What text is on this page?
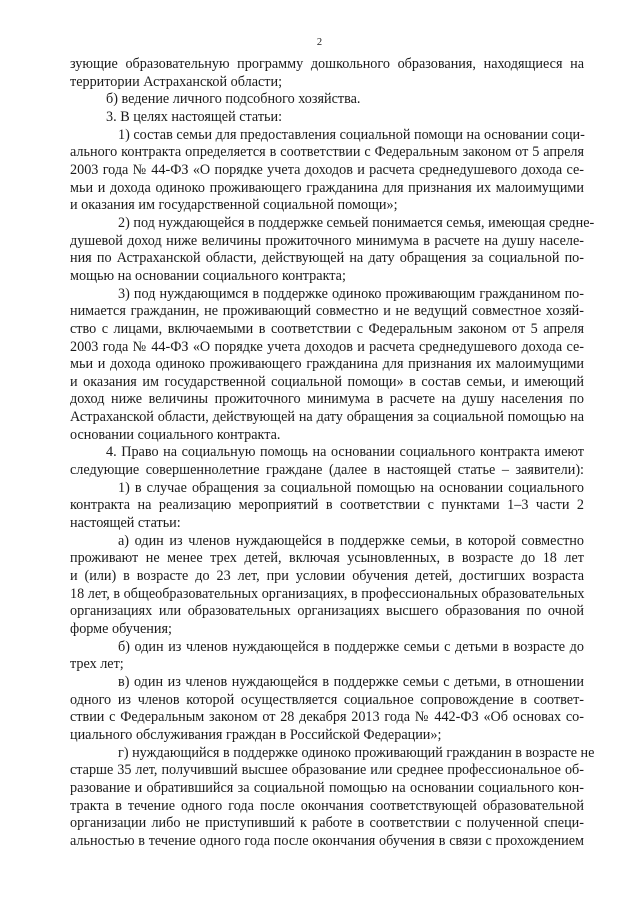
2
зующие образовательную программу дошкольного образования, находящиеся на
территории Астраханской области;
б) ведение личного подсобного хозяйства.
3. В целях настоящей статьи:
1) состав семьи для предоставления социальной помощи на основании соци-
ального контракта определяется в соответствии с Федеральным законом от 5 апреля
2003 года № 44-ФЗ «О порядке учета доходов и расчета среднедушевого дохода се-
мьи и дохода одиноко проживающего гражданина для признания их малоимущими
и оказания им государственной социальной помощи»;
2) под нуждающейся в поддержке семьей понимается семья, имеющая средне-
душевой доход ниже величины прожиточного минимума в расчете на душу населе-
ния по Астраханской области, действующей на дату обращения за социальной по-
мощью на основании социального контракта;
3) под нуждающимся в поддержке одиноко проживающим гражданином по-
нимается гражданин, не проживающий совместно и не ведущий совместное хозяй-
ство с лицами, включаемыми в соответствии с Федеральным законом от 5 апреля
2003 года № 44-ФЗ «О порядке учета доходов и расчета среднедушевого дохода се-
мьи и дохода одиноко проживающего гражданина для признания их малоимущими
и оказания им государственной социальной помощи» в состав семьи, и имеющий
доход ниже величины прожиточного минимума в расчете на душу населения по
Астраханской области, действующей на дату обращения за социальной помощью на
основании социального контракта.
4. Право на социальную помощь на основании социального контракта имеют
следующие совершеннолетние граждане (далее в настоящей статье – заявители):
1) в случае обращения за социальной помощью на основании социального
контракта на реализацию мероприятий в соответствии с пунктами 1–3 части 2
настоящей статьи:
а) один из членов нуждающейся в поддержке семьи, в которой совместно
проживают не менее трех детей, включая усыновленных, в возрасте до 18 лет
и (или) в возрасте до 23 лет, при условии обучения детей, достигших возраста
18 лет, в общеобразовательных организациях, в профессиональных образовательных
организациях или образовательных организациях высшего образования по очной
форме обучения;
б) один из членов нуждающейся в поддержке семьи с детьми в возрасте до
трех лет;
в) один из членов нуждающейся в поддержке семьи с детьми, в отношении
одного из членов которой осуществляется социальное сопровождение в соответ-
ствии с Федеральным законом от 28 декабря 2013 года № 442-ФЗ «Об основах со-
циального обслуживания граждан в Российской Федерации»;
г) нуждающийся в поддержке одиноко проживающий гражданин в возрасте не
старше 35 лет, получивший высшее образование или среднее профессиональное об-
разование и обратившийся за социальной помощью на основании социального кон-
тракта в течение одного года после окончания соответствующей образовательной
организации либо не приступивший к работе в соответствии с полученной специ-
альностью в течение одного года после окончания обучения в связи с прохождением
